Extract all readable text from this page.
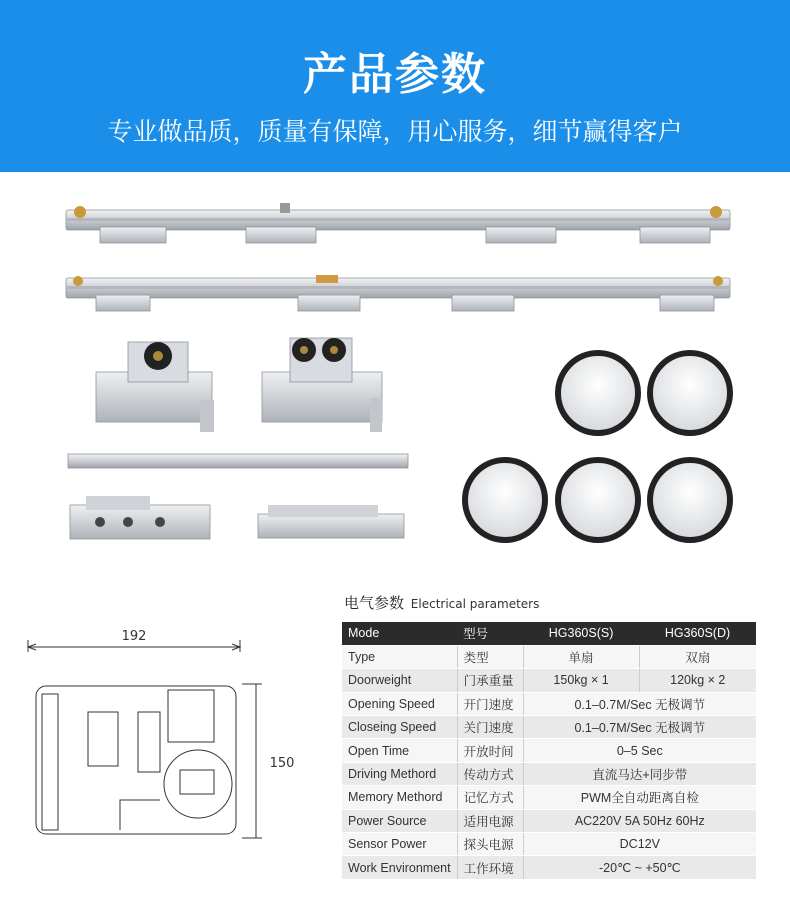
产品参数

专业做品质，质量有保障，用心服务，细节赢得客户

192
150
电气参数 Electrical parameters
Mode	型号	HG360S(S)	HG360S(D)
Type	类型	单扇	双扇
Doorweight	门承重量	150kg × 1	120kg × 2
Opening Speed	开门速度	0.1–0.7M/Sec 无极调节	
Closeing Speed	关门速度	0.1–0.7M/Sec 无极调节	
Open Time	开放时间	0–5 Sec	
Driving Methord	传动方式	直流马达+同步带	
Memory Methord	记忆方式	PWM全自动距离自检	
Power Source	适用电源	AC220V 5A 50Hz 60Hz	
Sensor Power	探头电源	DC12V	
Work Environment	工作环境	-20℃ ~ +50℃	
